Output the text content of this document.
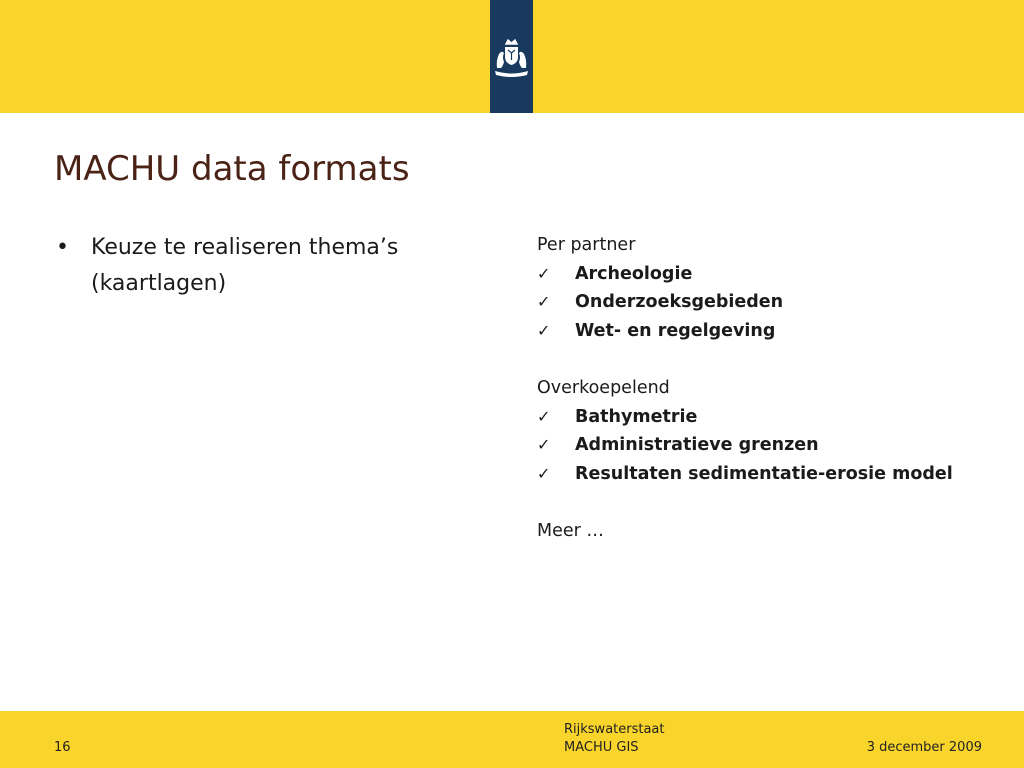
MACHU data formats
•	Keuze te realiseren thema’s (kaartlagen)
Per partner
✓	Archeologie
✓	Onderzoeksgebieden
✓	Wet- en regelgeving
Overkoepelend
✓	Bathymetrie
✓	Administratieve grenzen
✓	Resultaten sedimentatie-erosie model
Meer …
16
Rijkswaterstaat
MACHU GIS	3 december 2009
